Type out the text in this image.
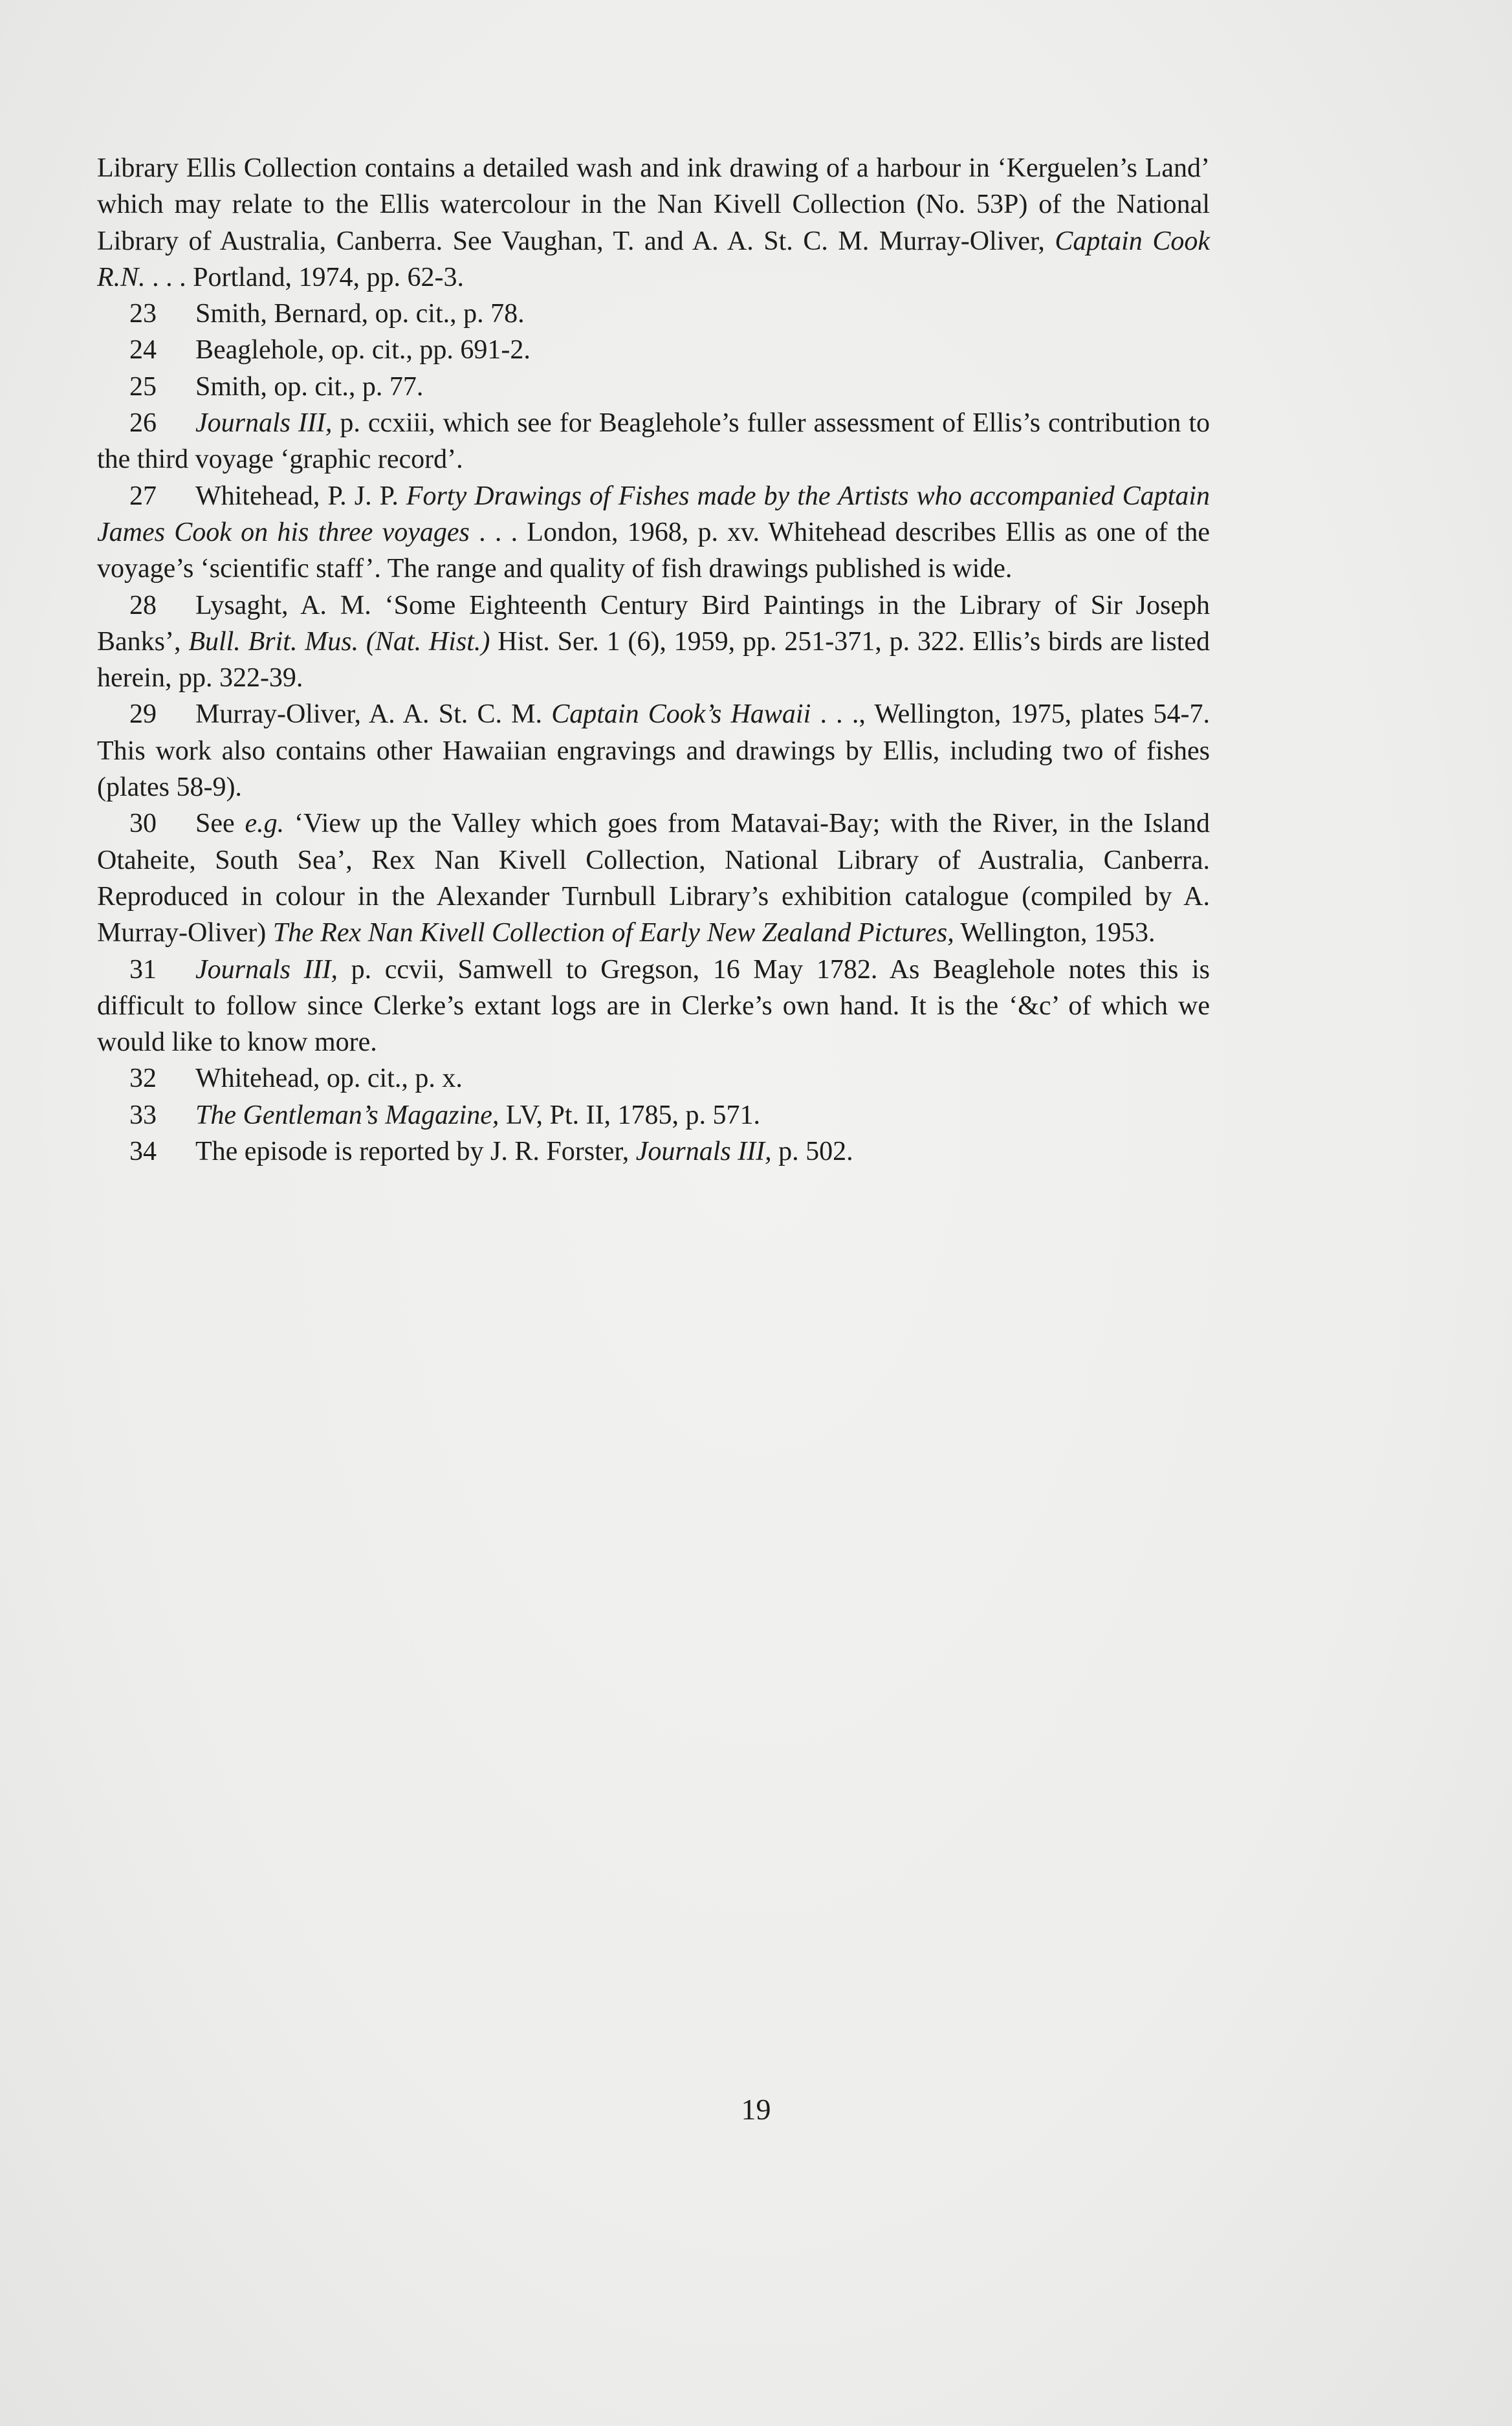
Library Ellis Collection contains a detailed wash and ink drawing of a harbour in ‘Kerguelen’s Land’ which may relate to the Ellis watercolour in the Nan Kivell Collection (No. 53P) of the National Library of Australia, Canberra. See Vaughan, T. and A. A. St. C. M. Murray-Oliver, Captain Cook R.N. . . . Portland, 1974, pp. 62-3.

23 Smith, Bernard, op. cit., p. 78.

24 Beaglehole, op. cit., pp. 691-2.

25 Smith, op. cit., p. 77.

26 Journals III, p. ccxiii, which see for Beaglehole’s fuller assessment of Ellis’s contribution to the third voyage ‘graphic record’.

27 Whitehead, P. J. P. Forty Drawings of Fishes made by the Artists who accompanied Captain James Cook on his three voyages . . . London, 1968, p. xv. Whitehead describes Ellis as one of the voyage’s ‘scientific staff’. The range and quality of fish drawings published is wide.

28 Lysaght, A. M. ‘Some Eighteenth Century Bird Paintings in the Library of Sir Joseph Banks’, Bull. Brit. Mus. (Nat. Hist.) Hist. Ser. 1 (6), 1959, pp. 251-371, p. 322. Ellis’s birds are listed herein, pp. 322-39.

29 Murray-Oliver, A. A. St. C. M. Captain Cook’s Hawaii . . ., Wellington, 1975, plates 54-7. This work also contains other Hawaiian engravings and drawings by Ellis, including two of fishes (plates 58-9).

30 See e.g. ‘View up the Valley which goes from Matavai-Bay; with the River, in the Island Otaheite, South Sea’, Rex Nan Kivell Collection, National Library of Australia, Canberra. Reproduced in colour in the Alexander Turnbull Library’s exhibition catalogue (compiled by A. Murray-Oliver) The Rex Nan Kivell Collection of Early New Zealand Pictures, Wellington, 1953.

31 Journals III, p. ccvii, Samwell to Gregson, 16 May 1782. As Beaglehole notes this is difficult to follow since Clerke’s extant logs are in Clerke’s own hand. It is the ‘&c’ of which we would like to know more.

32 Whitehead, op. cit., p. x.

33 The Gentleman’s Magazine, LV, Pt. II, 1785, p. 571.

34 The episode is reported by J. R. Forster, Journals III, p. 502.

19
